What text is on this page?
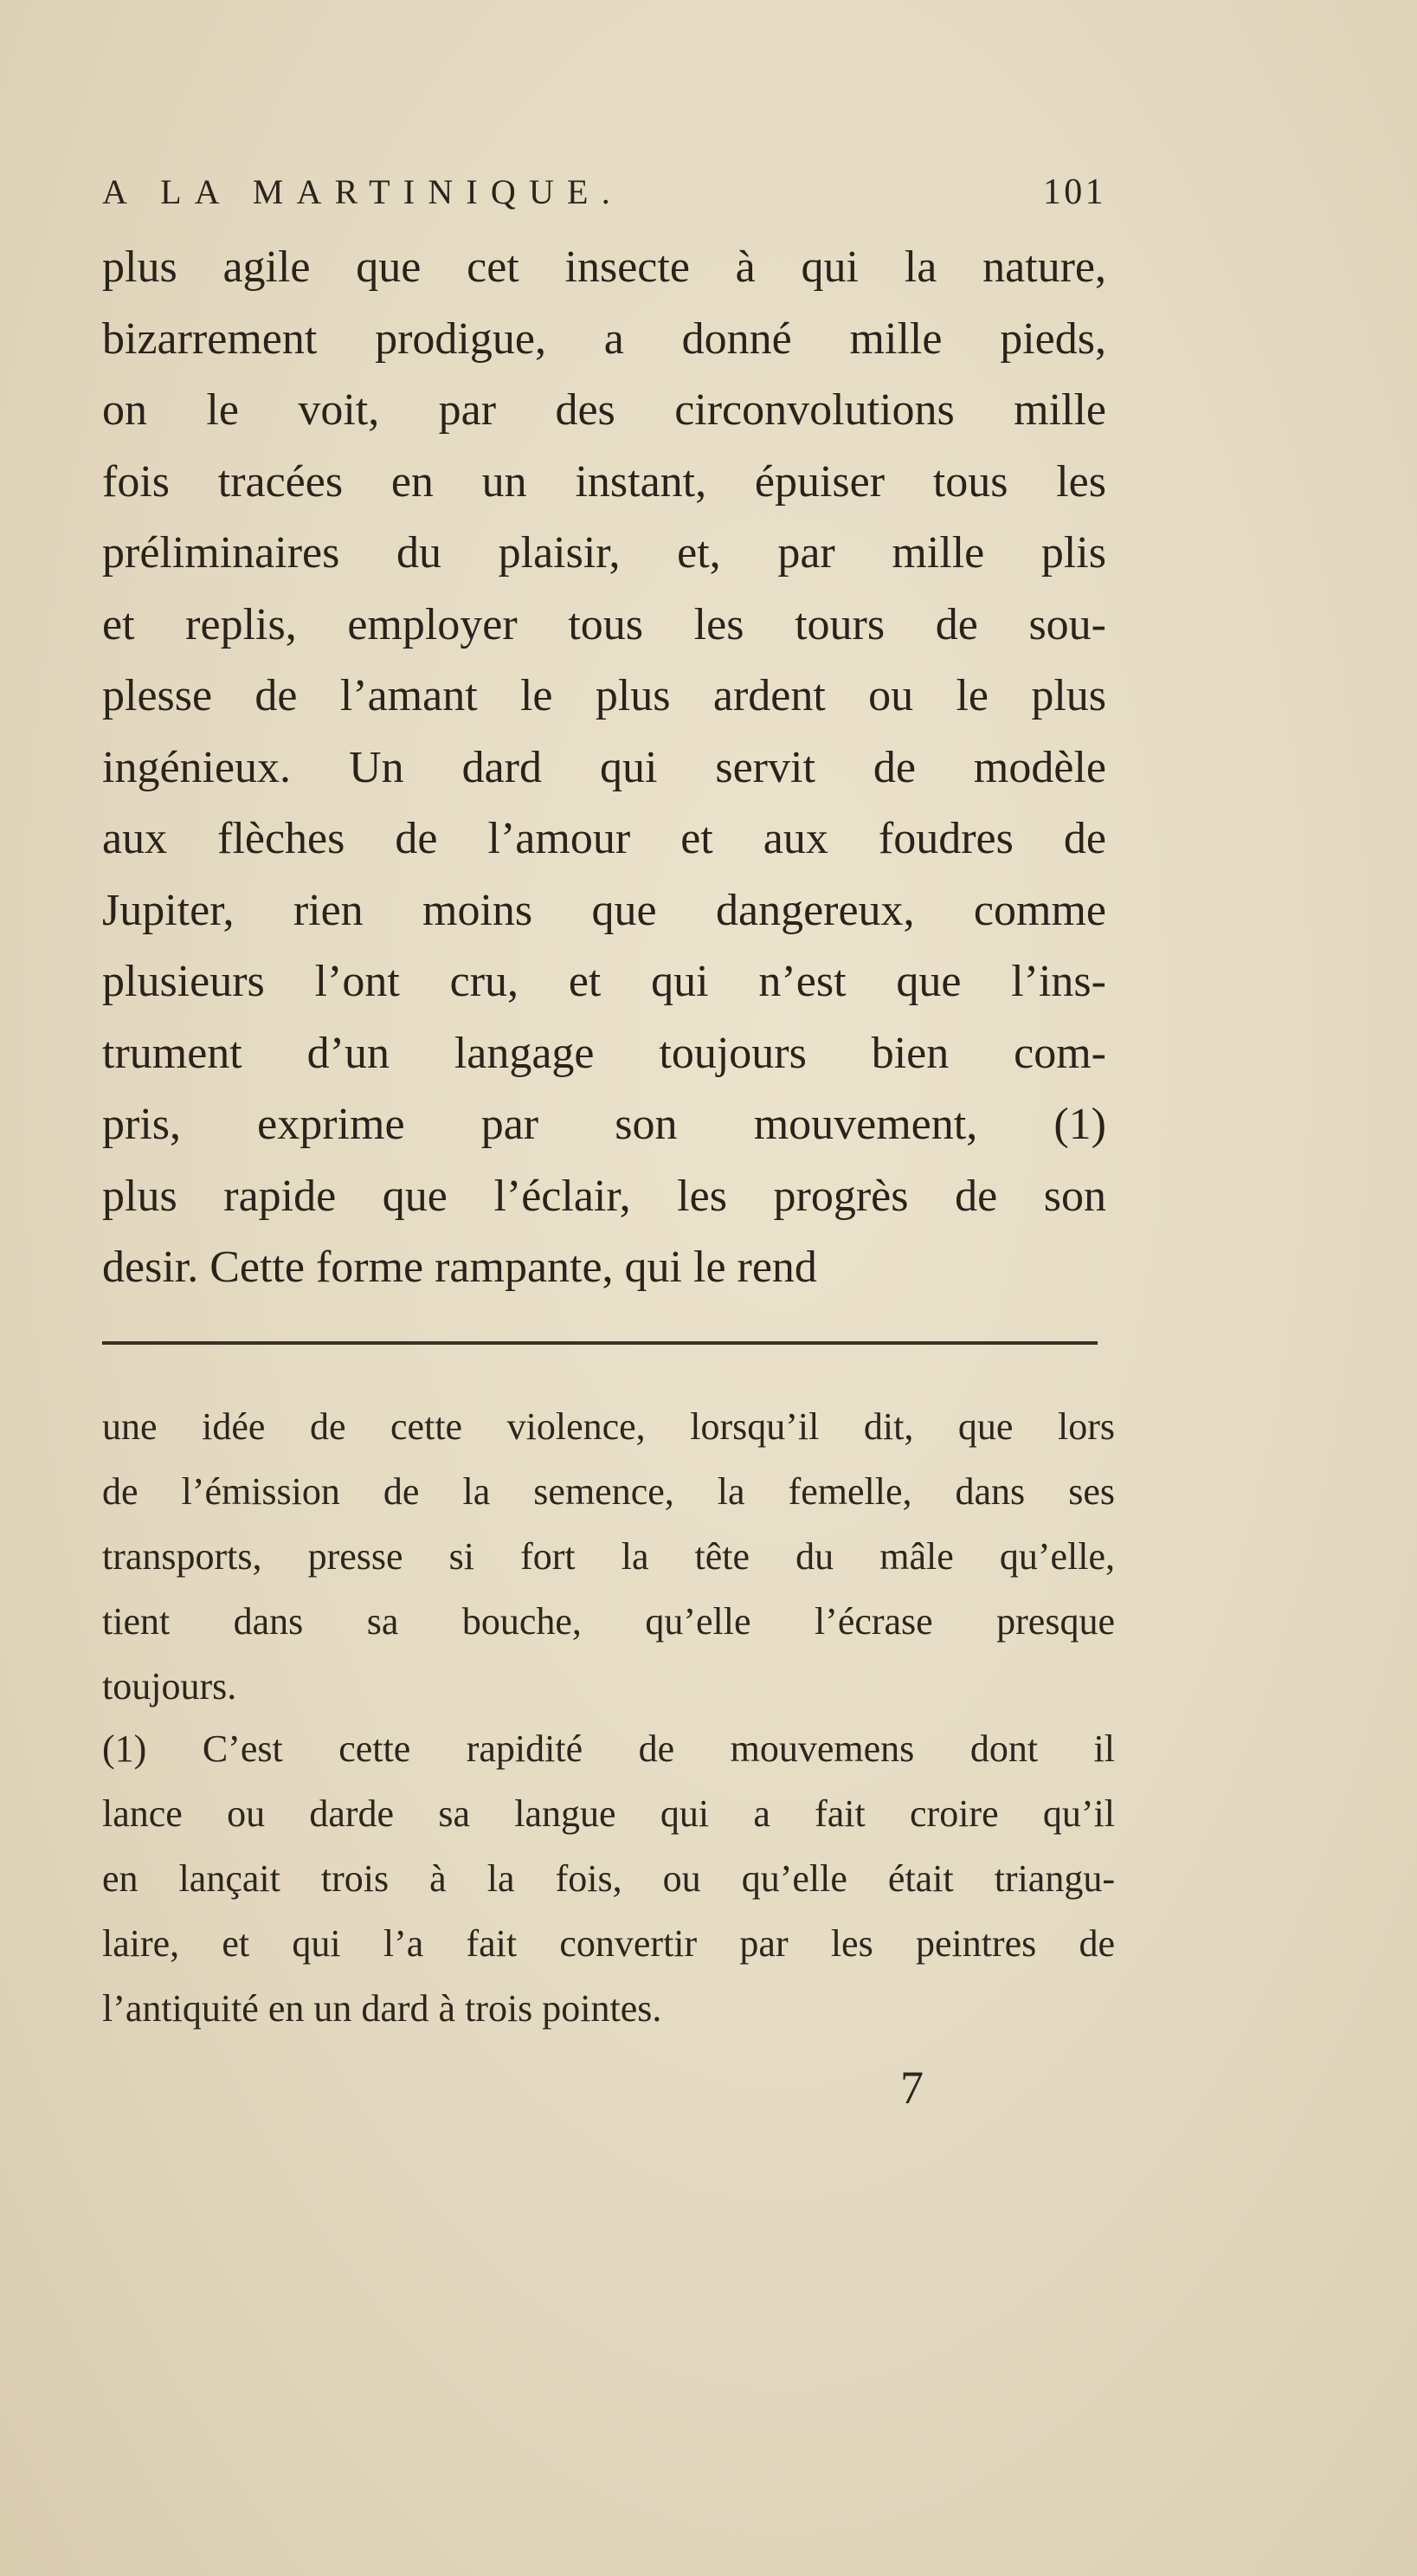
A LA MARTINIQUE.	101
plus agile que cet insecte à qui la nature,
bizarrement prodigue, a donné mille pieds,
on le voit, par des circonvolutions mille
fois tracées en un instant, épuiser tous les
préliminaires du plaisir, et, par mille plis
et replis, employer tous les tours de sou-
plesse de l’amant le plus ardent ou le plus
ingénieux. Un dard qui servit de modèle
aux flèches de l’amour et aux foudres de
Jupiter, rien moins que dangereux, comme
plusieurs l’ont cru, et qui n’est que l’ins-
trument d’un langage toujours bien com-
pris, exprime par son mouvement, (1)
plus rapide que l’éclair, les progrès de son
desir. Cette forme rampante, qui le rend
une idée de cette violence, lorsqu’il dit, que lors
de l’émission de la semence, la femelle, dans ses
transports, presse si fort la tête du mâle qu’elle,
tient dans sa bouche, qu’elle l’écrase presque
toujours.
(1) C’est cette rapidité de mouvemens dont il
lance ou darde sa langue qui a fait croire qu’il
en lançait trois à la fois, ou qu’elle était triangu-
laire, et qui l’a fait convertir par les peintres de
l’antiquité en un dard à trois pointes.
7
